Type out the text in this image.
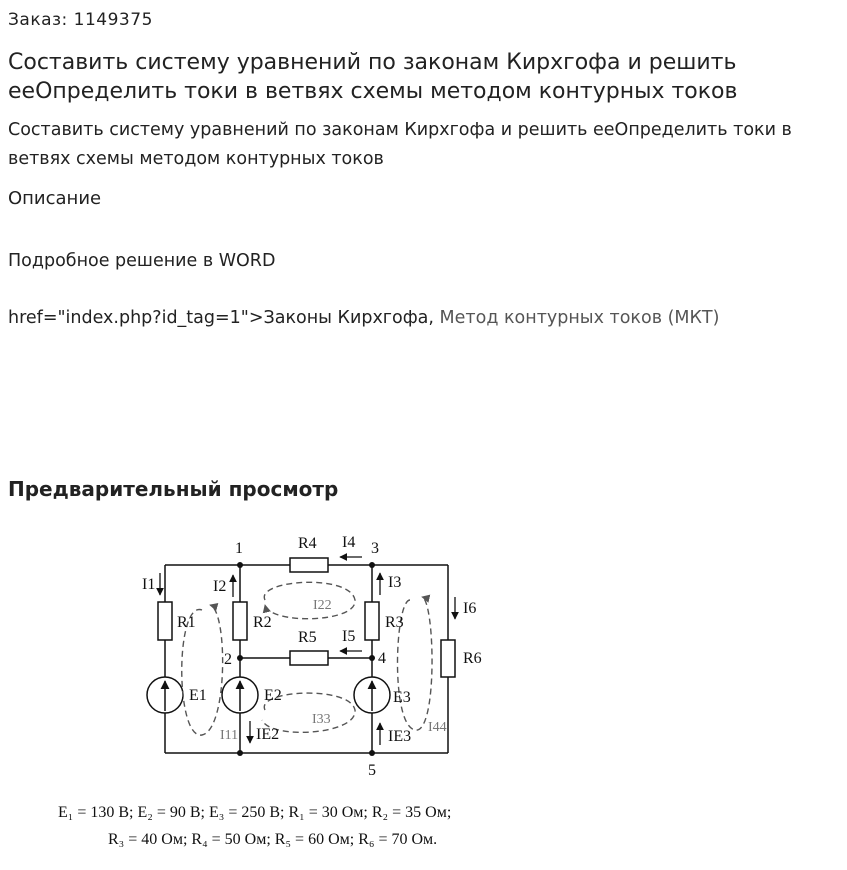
Заказ: 1149375
Составить систему уравнений по законам Кирхгофа и решить ееОпределить токи в ветвях схемы методом контурных токов
Составить систему уравнений по законам Кирхгофа и решить ееОпределить токи в ветвях схемы методом контурных токов
Описание
Подробное решение в WORD
href="index.php?id_tag=1">Законы Кирхгофа, Метод контурных токов (МКТ)
Предварительный просмотр
1
2
3
4
5
R1	R2	R3
R4
R5
R6
E1	E2	E3
I1	I2	I3
I4
I5
I6
IE2	IE3
I11
I22
I33
I44
E₁ = 130 B; E₂ = 90 B; E₃ = 250 B; R₁ = 30 Ом; R₂ = 35 Ом;
R₃ = 40 Ом; R₄ = 50 Ом; R₅ = 60 Ом; R₆ = 70 Ом.
